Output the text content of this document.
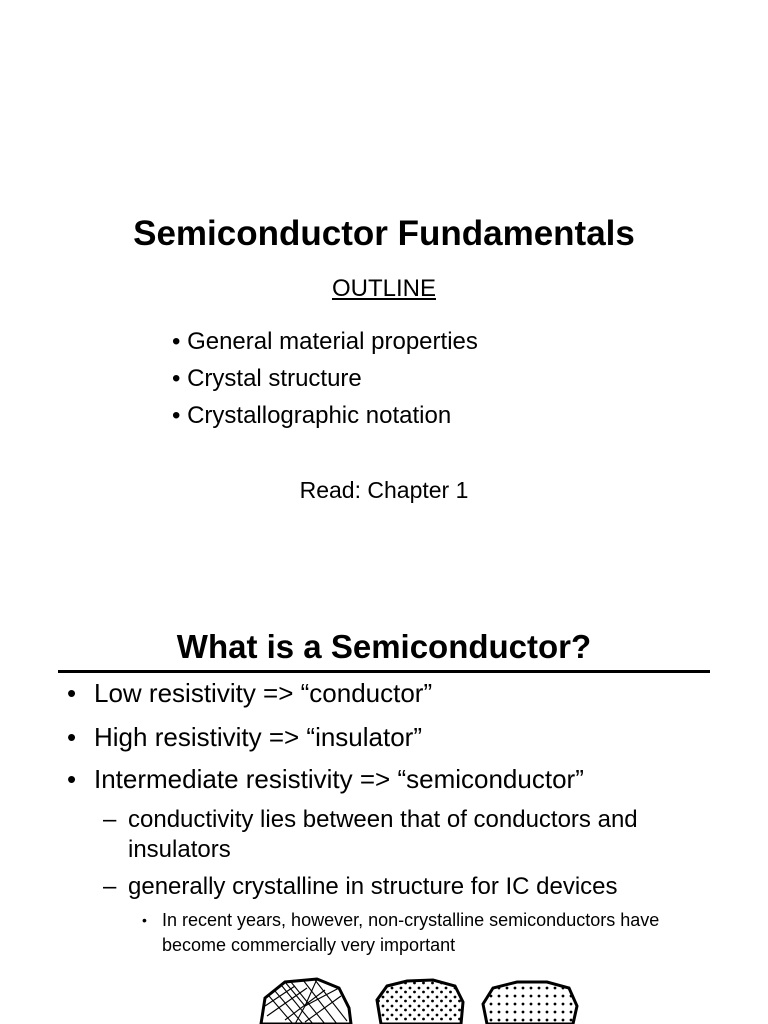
Semiconductor Fundamentals
OUTLINE
• General material properties
• Crystal structure
• Crystallographic notation
Read: Chapter 1
What is a Semiconductor?
• Low resistivity => “conductor”
• High resistivity => “insulator”
• Intermediate resistivity => “semiconductor”
– conductivity lies between that of conductors and insulators
– generally crystalline in structure for IC devices
• In recent years, however, non-crystalline semiconductors have become commercially very important
